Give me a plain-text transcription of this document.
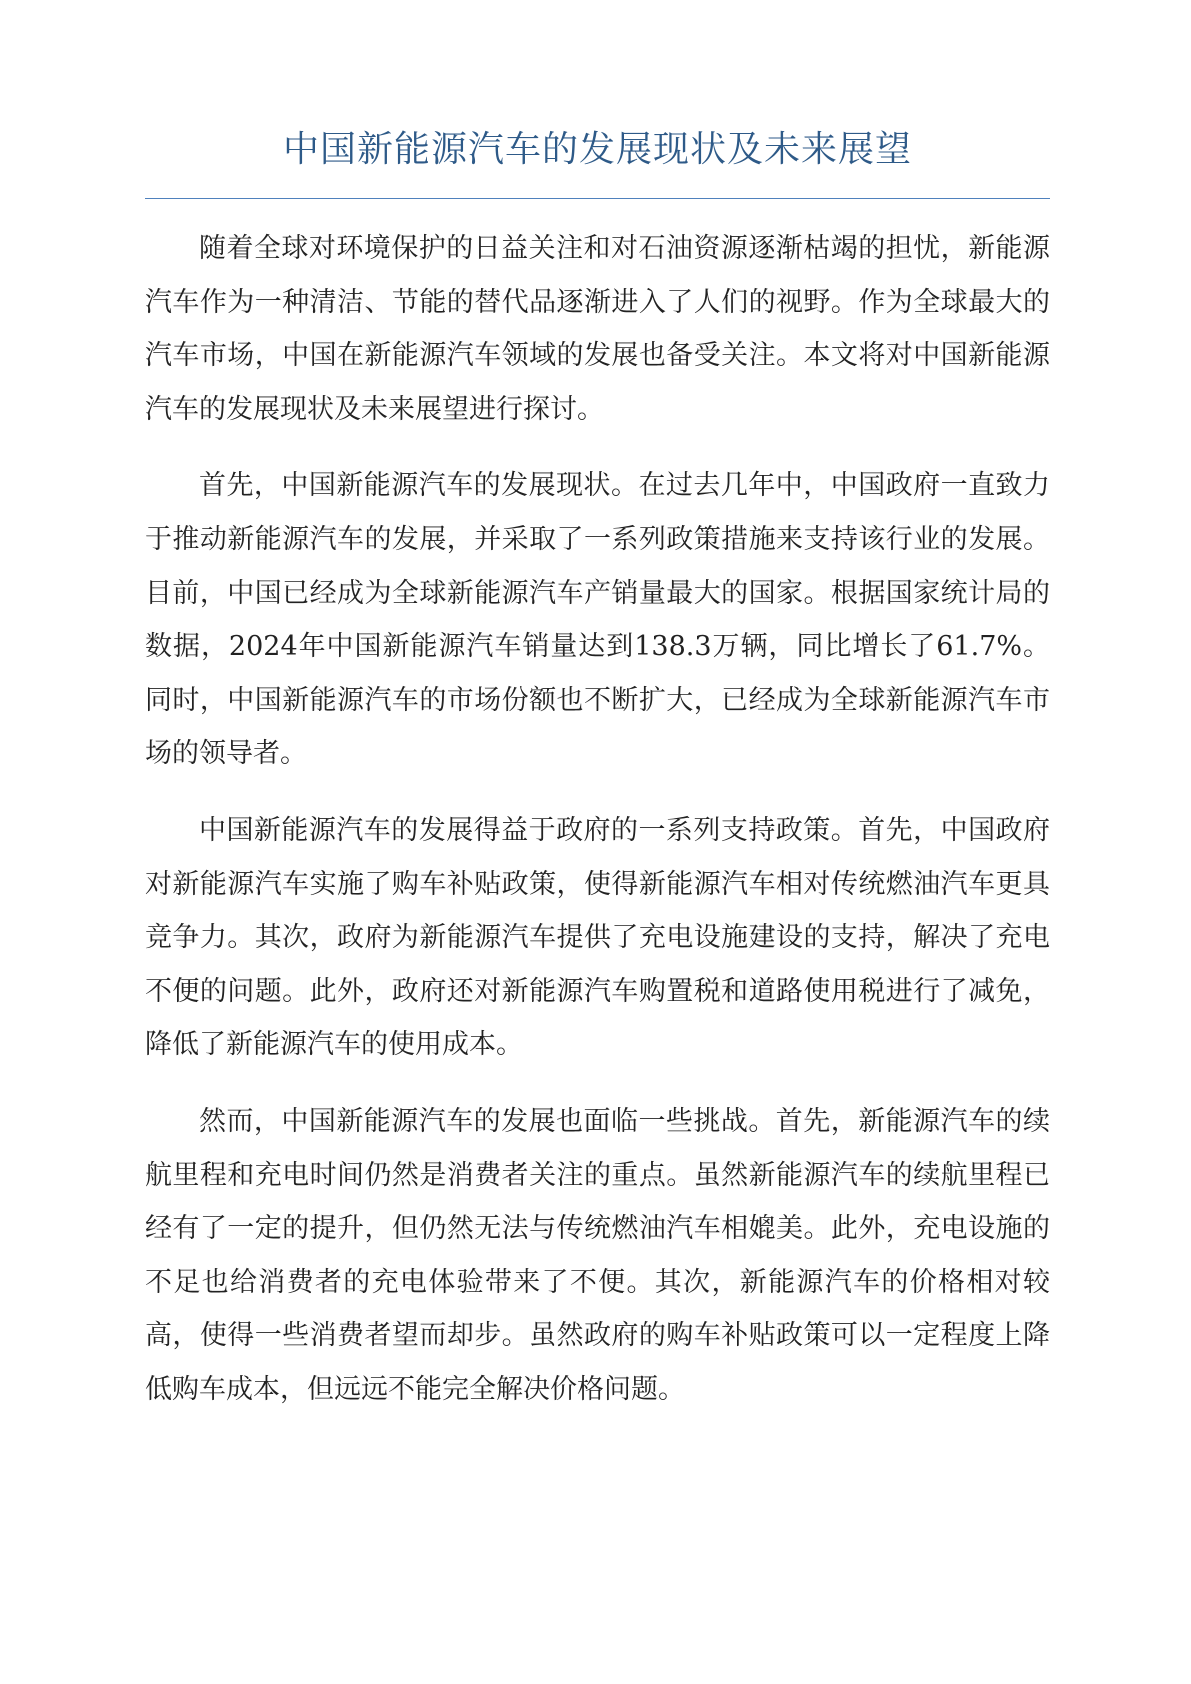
中国新能源汽车的发展现状及未来展望

随着全球对环境保护的日益关注和对石油资源逐渐枯竭的担忧，新能源汽车作为一种清洁、节能的替代品逐渐进入了人们的视野。作为全球最大的汽车市场，中国在新能源汽车领域的发展也备受关注。本文将对中国新能源汽车的发展现状及未来展望进行探讨。

首先，中国新能源汽车的发展现状。在过去几年中，中国政府一直致力于推动新能源汽车的发展，并采取了一系列政策措施来支持该行业的发展。目前，中国已经成为全球新能源汽车产销量最大的国家。根据国家统计局的数据，2024年中国新能源汽车销量达到138.3万辆，同比增长了61.7%。同时，中国新能源汽车的市场份额也不断扩大，已经成为全球新能源汽车市场的领导者。

中国新能源汽车的发展得益于政府的一系列支持政策。首先，中国政府对新能源汽车实施了购车补贴政策，使得新能源汽车相对传统燃油汽车更具竞争力。其次，政府为新能源汽车提供了充电设施建设的支持，解决了充电不便的问题。此外，政府还对新能源汽车购置税和道路使用税进行了减免，降低了新能源汽车的使用成本。

然而，中国新能源汽车的发展也面临一些挑战。首先，新能源汽车的续航里程和充电时间仍然是消费者关注的重点。虽然新能源汽车的续航里程已经有了一定的提升，但仍然无法与传统燃油汽车相媲美。此外，充电设施的不足也给消费者的充电体验带来了不便。其次，新能源汽车的价格相对较高，使得一些消费者望而却步。虽然政府的购车补贴政策可以一定程度上降低购车成本，但远远不能完全解决价格问题。
